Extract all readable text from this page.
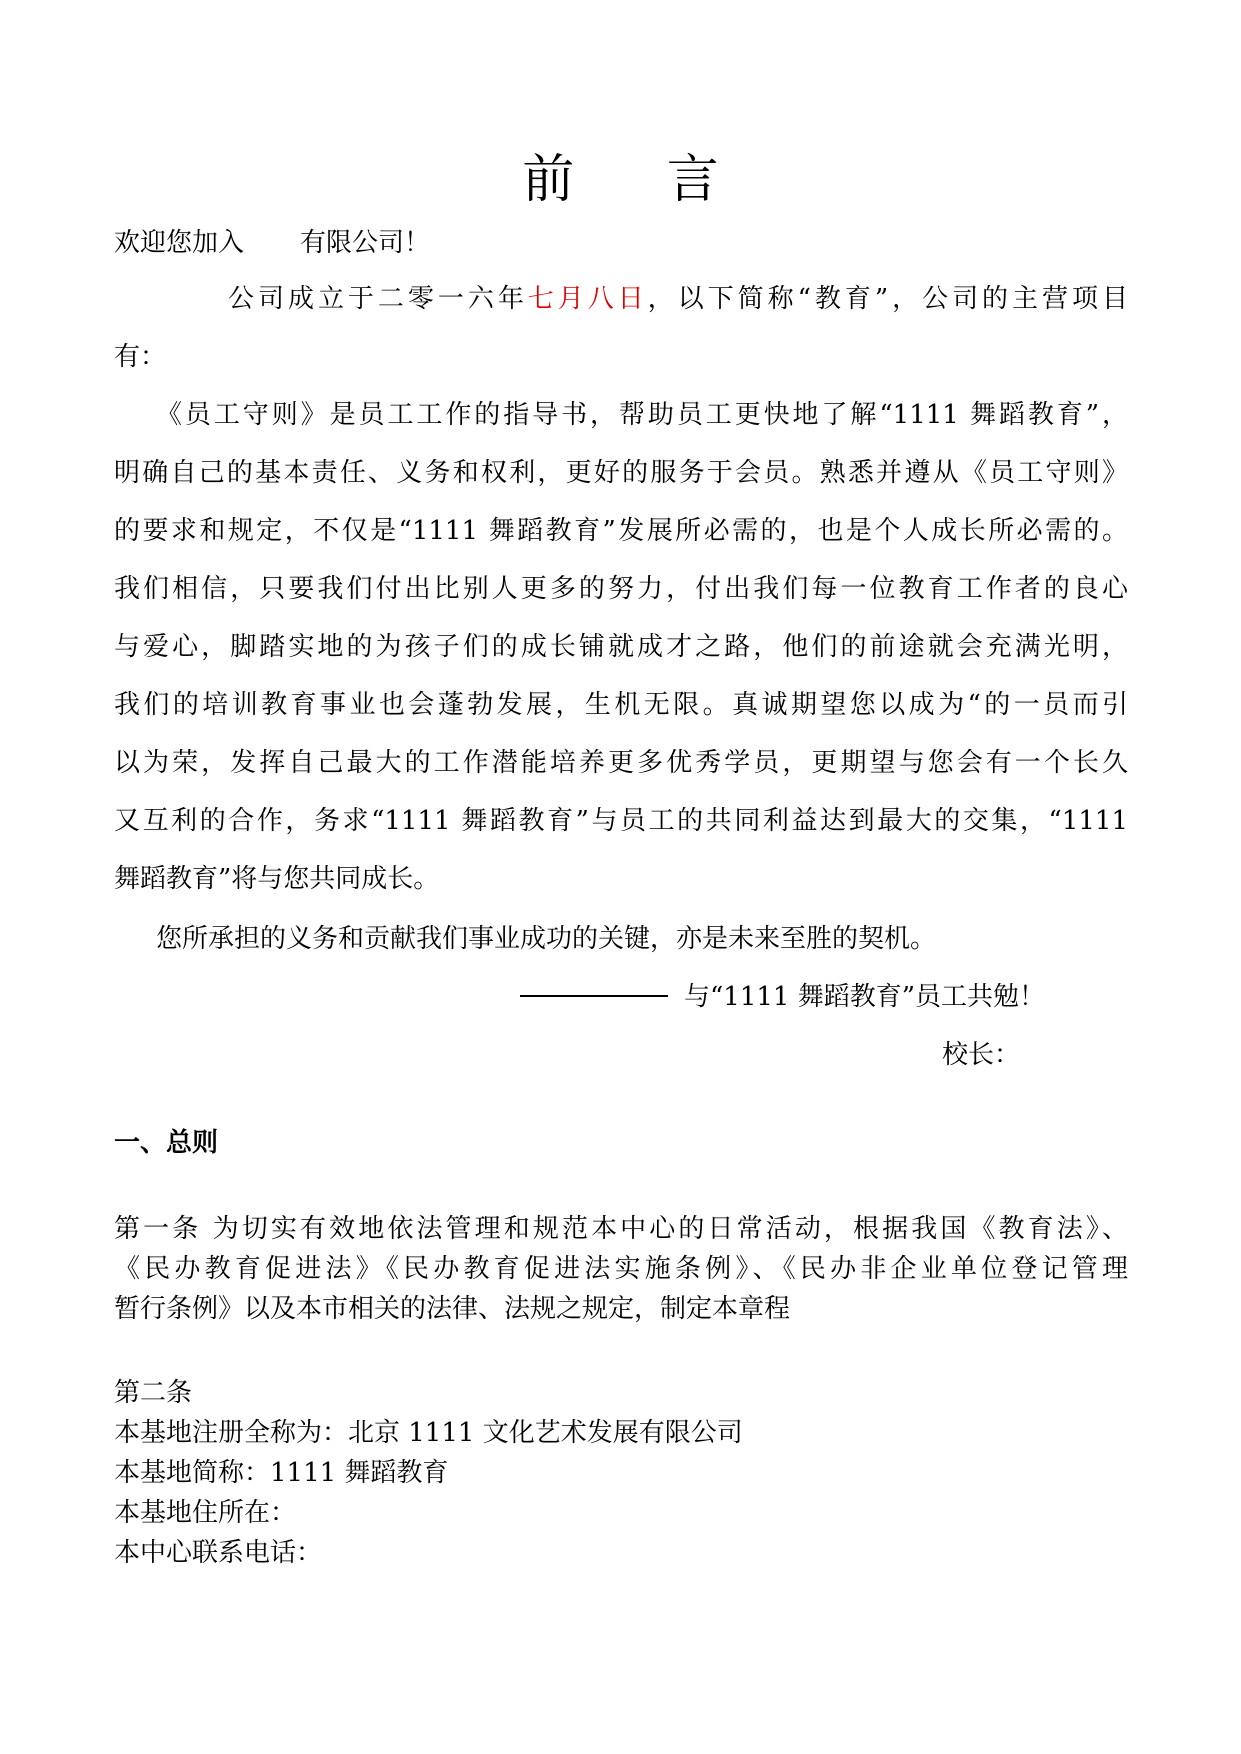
前 言
欢迎您加入 有限公司！
公司成立于二零一六年七月八日，以下简称“教育”，公司的主营项目
有：
《员工守则》是员工工作的指导书，帮助员工更快地了解“1111 舞蹈教育”，
明确自己的基本责任、义务和权利，更好的服务于会员。熟悉并遵从《员工守则》
的要求和规定，不仅是“1111 舞蹈教育”发展所必需的，也是个人成长所必需的。
我们相信，只要我们付出比别人更多的努力，付出我们每一位教育工作者的良心
与爱心，脚踏实地的为孩子们的成长铺就成才之路，他们的前途就会充满光明，
我们的培训教育事业也会蓬勃发展，生机无限。真诚期望您以成为“的一员而引
以为荣，发挥自己最大的工作潜能培养更多优秀学员，更期望与您会有一个长久
又互利的合作，务求“1111 舞蹈教育”与员工的共同利益达到最大的交集，“1111
舞蹈教育”将与您共同成长。
您所承担的义务和贡献我们事业成功的关键，亦是未来至胜的契机。
与“1111 舞蹈教育”员工共勉！
校长：
一、总则
第一条 为切实有效地依法管理和规范本中心的日常活动，根据我国《教育法》、
《民办教育促进法》《民办教育促进法实施条例》、《民办非企业单位登记管理
暂行条例》以及本市相关的法律、法规之规定，制定本章程
第二条
本基地注册全称为：北京 1111 文化艺术发展有限公司
本基地简称：1111 舞蹈教育
本基地住所在：
本中心联系电话：
